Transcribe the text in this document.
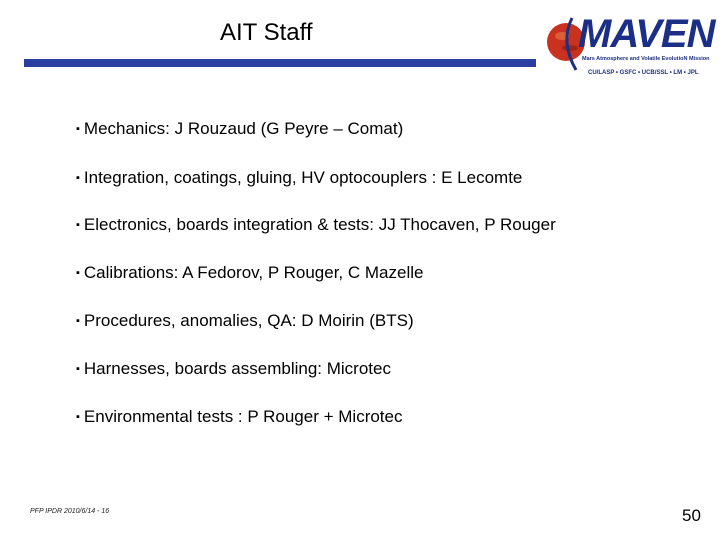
AIT Staff	MAVEN
Mars Atmosphere and Volatile EvolutioN Mission
CU/LASP • GSFC • UCB/SSL • LM • JPL
▪ Mechanics: J Rouzaud (G Peyre – Comat)
▪ Integration, coatings, gluing, HV optocouplers : E Lecomte
▪ Electronics, boards integration & tests: JJ Thocaven, P Rouger
▪ Calibrations: A Fedorov, P Rouger, C Mazelle
▪ Procedures, anomalies, QA: D Moirin (BTS)
▪ Harnesses, boards assembling: Microtec
▪ Environmental tests : P Rouger + Microtec
PFP IPDR 2010/6/14 - 16	50
